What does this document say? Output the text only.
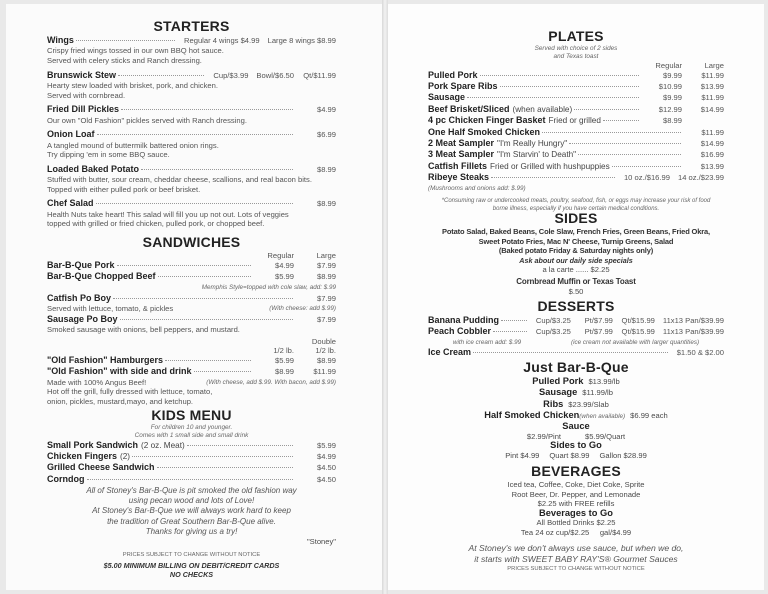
STARTERS
Wings	Regular 4 wings $4.99	Large 8 wings $8.99
Crispy fried wings tossed in our own BBQ hot sauce.
Served with celery sticks and Ranch dressing.
Brunswick Stew	Cup/$3.99	Bowl/$6.50	Qt/$11.99
Hearty stew loaded with brisket, pork, and chicken.
Served with cornbread.
Fried Dill Pickles	$4.99
Our own "Old Fashion" pickles served with Ranch dressing.
Onion Loaf	$6.99
A tangled mound of buttermilk battered onion rings.
Try dipping 'em in some BBQ sauce.
Loaded Baked Potato	$8.99
Stuffed with butter, sour cream, cheddar cheese, scallions, and real bacon bits.
Topped with either pulled pork or beef brisket.
Chef Salad	$8.99
Health Nuts take heart! This salad will fill you up not out. Lots of veggies
topped with grilled or fried chicken, pulled pork, or chopped beef.
SANDWICHES
Regular	Large
Bar-B-Que Pork	$4.99	$7.99
Bar-B-Que Chopped Beef	$5.99	$8.99
Memphis Style=topped with cole slaw, add: $.99
Catfish Po Boy	$7.99
Served with lettuce, tomato, & pickles	(With cheese: add $.99)
Sausage Po Boy	$7.99
Smoked sausage with onions, bell peppers, and mustard.
Double
1/2 lb.	1/2 lb.
"Old Fashion" Hamburgers	$5.99	$8.99
"Old Fashion" with side and drink	$8.99	$11.99
Made with 100% Angus Beef!	(With cheese, add $.99. With bacon, add $.99)
Hot off the grill, fully dressed with lettuce, tomato,
onion, pickles, mustard,mayo, and ketchup.
KIDS MENU
For children 10 and younger.
Comes with 1 small side and small drink
Small Pork Sandwich (2 oz. Meat)	$5.99
Chicken Fingers (2)	$4.99
Grilled Cheese Sandwich	$4.50
Corndog	$4.50
All of Stoney's Bar-B-Que is pit smoked the old fashion way
using pecan wood and lots of Love!
At Stoney's Bar-B-Que we will always work hard to keep
the tradition of Great Southern Bar-B-Que alive.
Thanks for giving us a try!
"Stoney"
PRICES SUBJECT TO CHANGE WITHOUT NOTICE
$5.00 MINIMUM BILLING ON DEBIT/CREDIT CARDS
NO CHECKS
PLATES
Served with choice of 2 sides
and Texas toast
Regular	Large
Pulled Pork	$9.99	$11.99
Pork Spare Ribs	$10.99	$13.99
Sausage	$9.99	$11.99
Beef Brisket/Sliced (when available)	$12.99	$14.99
4 pc Chicken Finger Basket Fried or grilled	$8.99
One Half Smoked Chicken	$11.99
2 Meat Sampler "I'm Really Hungry"	$14.99
3 Meat Sampler "I'm Starvin' to Death"	$16.99
Catfish Fillets Fried or Grilled with hushpuppies	$13.99
Ribeye Steaks	10 oz./$16.99	14 oz./$23.99
(Mushrooms and onions add: $.99)
*Consuming raw or undercooked meats, poultry, seafood, fish, or eggs may increase your risk of food
borne illness, especially if you have certain medical conditions.
SIDES
Potato Salad, Baked Beans, Cole Slaw, French Fries, Green Beans, Fried Okra,
Sweet Potato Fries, Mac N' Cheese, Turnip Greens, Salad
(Baked potato Friday & Saturday nights only)
Ask about our daily side specials
a la carte ...... $2.25
Cornbread Muffin or Texas Toast
$.50
DESSERTS
Banana Pudding	Cup/$3.25	Pt/$7.99	Qt/$15.99	11x13 Pan/$39.99
Peach Cobbler	Cup/$3.25	Pt/$7.99	Qt/$15.99	11x13 Pan/$39.99
with ice cream add: $.99	(ice cream not available with larger quantities)
Ice Cream	$1.50 & $2.00
Just Bar-B-Que
Pulled Pork $13.99/lb
Sausage $11.99/lb
Ribs $23.99/Slab
Half Smoked Chicken(when available) $6.99 each
Sauce
$2.99/Pint	$5.99/Quart
Sides to Go
Pint $4.99 Quart $8.99 Gallon $28.99
BEVERAGES
Iced tea, Coffee, Coke, Diet Coke, Sprite
Root Beer, Dr. Pepper, and Lemonade
$2.25 with FREE refills
Beverages to Go
All Bottled Drinks $2.25
Tea 24 oz cup/$2.25     gal/$4.99
At Stoney's we don't always use sauce, but when we do,
it starts with SWEET BABY RAY'S® Gourmet Sauces
PRICES SUBJECT TO CHANGE WITHOUT NOTICE
